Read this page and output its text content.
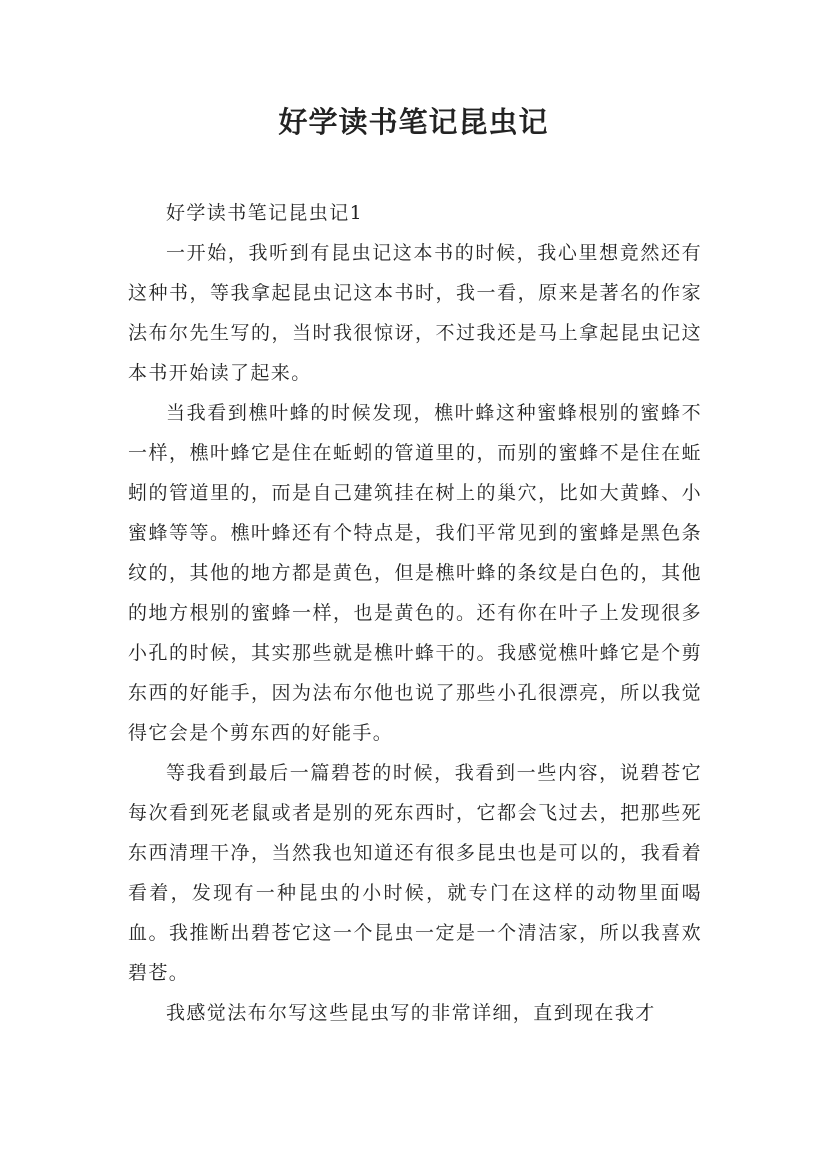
好学读书笔记昆虫记

好学读书笔记昆虫记1

一开始，我听到有昆虫记这本书的时候，我心里想竟然还有这种书，等我拿起昆虫记这本书时，我一看，原来是著名的作家法布尔先生写的，当时我很惊讶，不过我还是马上拿起昆虫记这本书开始读了起来。

当我看到樵叶蜂的时候发现，樵叶蜂这种蜜蜂根别的蜜蜂不一样，樵叶蜂它是住在蚯蚓的管道里的，而别的蜜蜂不是住在蚯蚓的管道里的，而是自己建筑挂在树上的巢穴，比如大黄蜂、小蜜蜂等等。樵叶蜂还有个特点是，我们平常见到的蜜蜂是黑色条纹的，其他的地方都是黄色，但是樵叶蜂的条纹是白色的，其他的地方根别的蜜蜂一样，也是黄色的。还有你在叶子上发现很多小孔的时候，其实那些就是樵叶蜂干的。我感觉樵叶蜂它是个剪东西的好能手，因为法布尔他也说了那些小孔很漂亮，所以我觉得它会是个剪东西的好能手。

等我看到最后一篇碧苍的时候，我看到一些内容，说碧苍它每次看到死老鼠或者是别的死东西时，它都会飞过去，把那些死东西清理干净，当然我也知道还有很多昆虫也是可以的，我看着看着，发现有一种昆虫的小时候，就专门在这样的动物里面喝血。我推断出碧苍它这一个昆虫一定是一个清洁家，所以我喜欢碧苍。

我感觉法布尔写这些昆虫写的非常详细，直到现在我才
